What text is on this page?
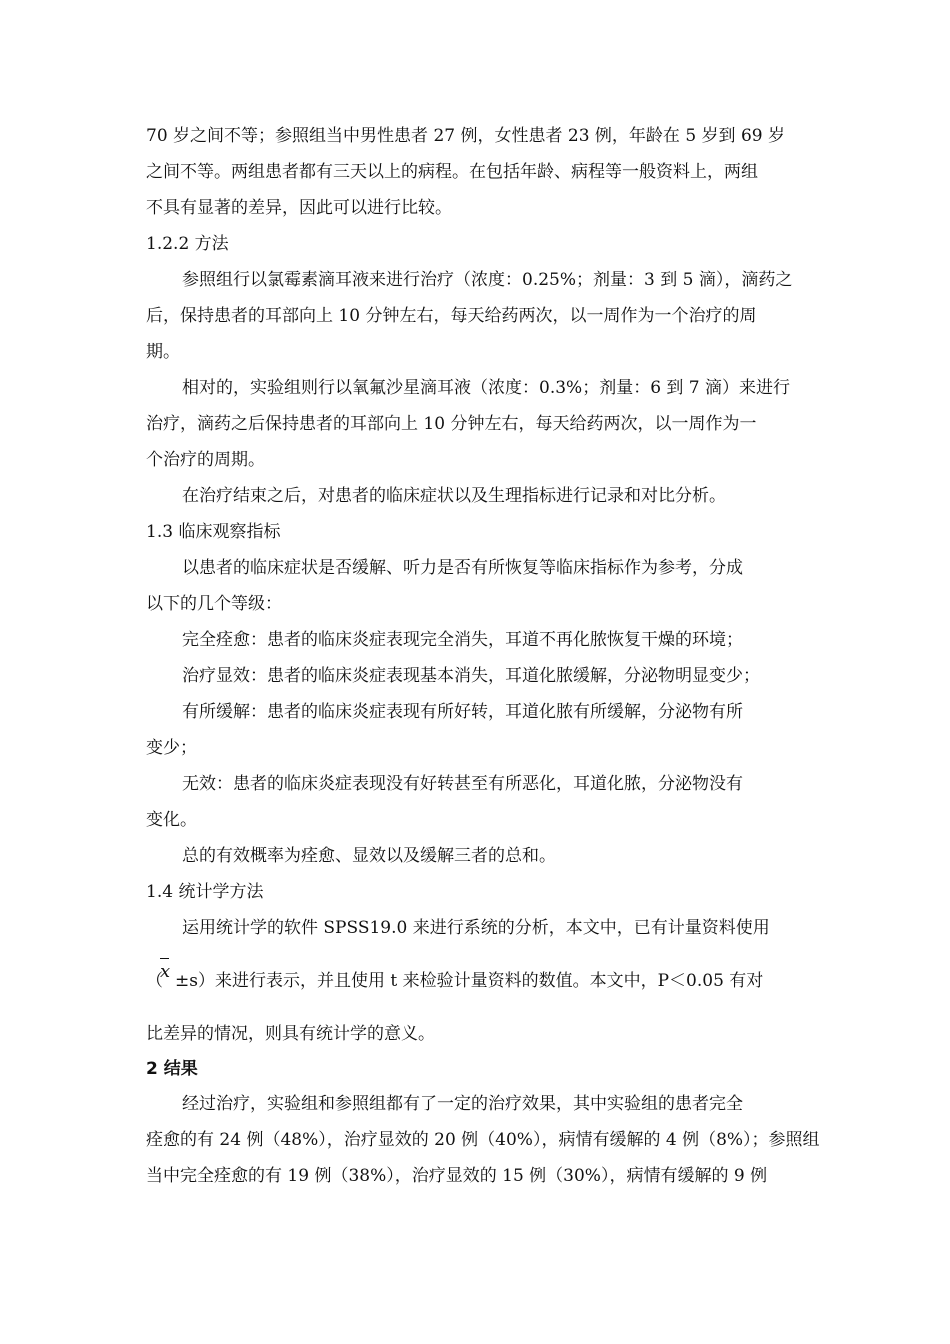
70 岁之间不等；参照组当中男性患者 27 例，女性患者 23 例，年龄在 5 岁到 69 岁
之间不等。两组患者都有三天以上的病程。在包括年龄、病程等一般资料上，两组
不具有显著的差异，因此可以进行比较。
1.2.2 方法
参照组行以氯霉素滴耳液来进行治疗（浓度：0.25%；剂量：3 到 5 滴），滴药之
后，保持患者的耳部向上 10 分钟左右，每天给药两次，以一周作为一个治疗的周
期。
相对的，实验组则行以氧氟沙星滴耳液（浓度：0.3%；剂量：6 到 7 滴）来进行
治疗，滴药之后保持患者的耳部向上 10 分钟左右，每天给药两次，以一周作为一
个治疗的周期。
在治疗结束之后，对患者的临床症状以及生理指标进行记录和对比分析。
1.3 临床观察指标
以患者的临床症状是否缓解、听力是否有所恢复等临床指标作为参考，分成
以下的几个等级：
完全痊愈：患者的临床炎症表现完全消失，耳道不再化脓恢复干燥的环境；
治疗显效：患者的临床炎症表现基本消失，耳道化脓缓解，分泌物明显变少；
有所缓解：患者的临床炎症表现有所好转，耳道化脓有所缓解，分泌物有所
变少；
无效：患者的临床炎症表现没有好转甚至有所恶化，耳道化脓，分泌物没有
变化。
总的有效概率为痊愈、显效以及缓解三者的总和。
1.4 统计学方法
运用统计学的软件 SPSS19.0 来进行系统的分析，本文中，已有计量资料使用
（
x ±s）来进行表示，并且使用 t 来检验计量资料的数值。本文中，P＜0.05 有对
比差异的情况，则具有统计学的意义。
2 结果
经过治疗，实验组和参照组都有了一定的治疗效果，其中实验组的患者完全
痊愈的有 24 例（48%），治疗显效的 20 例（40%），病情有缓解的 4 例（8%）；参照组
当中完全痊愈的有 19 例（38%），治疗显效的 15 例（30%），病情有缓解的 9 例
